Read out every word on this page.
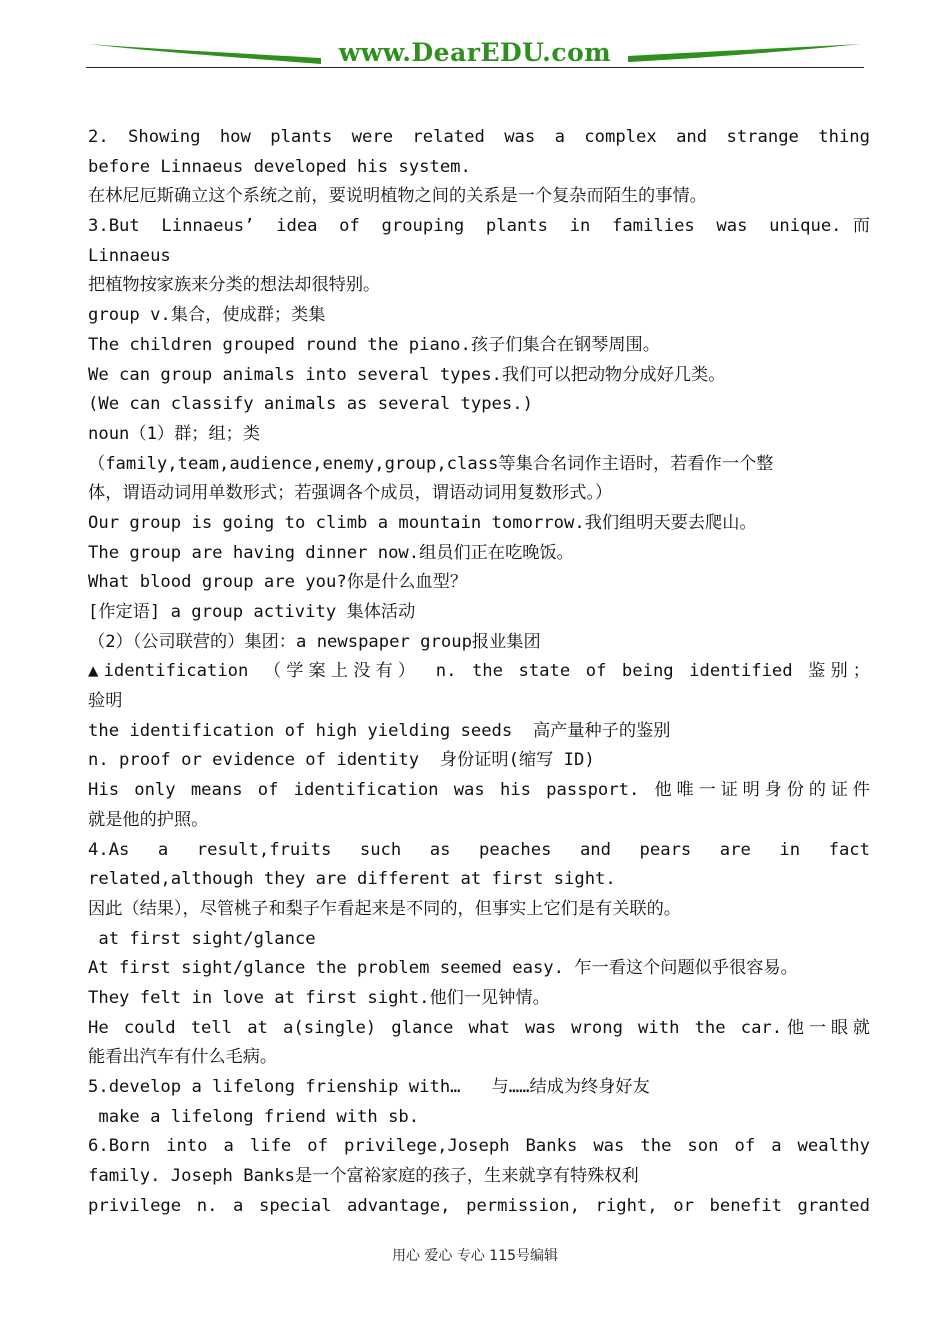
www.DearEDU.com
2. Showing how plants were related was a complex and strange thing
before Linnaeus developed his system.
在林尼厄斯确立这个系统之前，要说明植物之间的关系是一个复杂而陌生的事情。
3.But Linnaeus’ idea of grouping plants in families was unique.而
Linnaeus
把植物按家族来分类的想法却很特别。
group v.集合，使成群；类集
The children grouped round the piano.孩子们集合在钢琴周围。
We can group animals into several types.我们可以把动物分成好几类。
(We can classify animals as several types.)
noun（1）群；组；类
（family,team,audience,enemy,group,class等集合名词作主语时，若看作一个整
体，谓语动词用单数形式；若强调各个成员，谓语动词用复数形式。）
Our group is going to climb a mountain tomorrow.我们组明天要去爬山。
The group are having dinner now.组员们正在吃晚饭。
What blood group are you?你是什么血型？
[作定语] a group activity 集体活动
（2）（公司联营的）集团：a newspaper group报业集团
▲identification （学案上没有） n. the state of being identified 鉴别；
验明
the identification of high yielding seeds  高产量种子的鉴别
n. proof or evidence of identity  身份证明(缩写 ID)
His only means of identification was his passport. 他唯一证明身份的证件
就是他的护照。
4.As a result,fruits such as peaches and pears are in fact
related,although they are different at first sight.
因此（结果），尽管桃子和梨子乍看起来是不同的，但事实上它们是有关联的。
at first sight/glance
At first sight/glance the problem seemed easy. 乍一看这个问题似乎很容易。
They felt in love at first sight.他们一见钟情。
He could tell at a(single) glance what was wrong with the car.他一眼就
能看出汽车有什么毛病。
5.develop a lifelong frienship with…   与……结成为终身好友
make a lifelong friend with sb.
6.Born into a life of privilege,Joseph Banks was the son of a wealthy
family. Joseph Banks是一个富裕家庭的孩子，生来就享有特殊权利
privilege n. a special advantage, permission, right, or benefit granted
用心 爱心 专心 115号编辑
